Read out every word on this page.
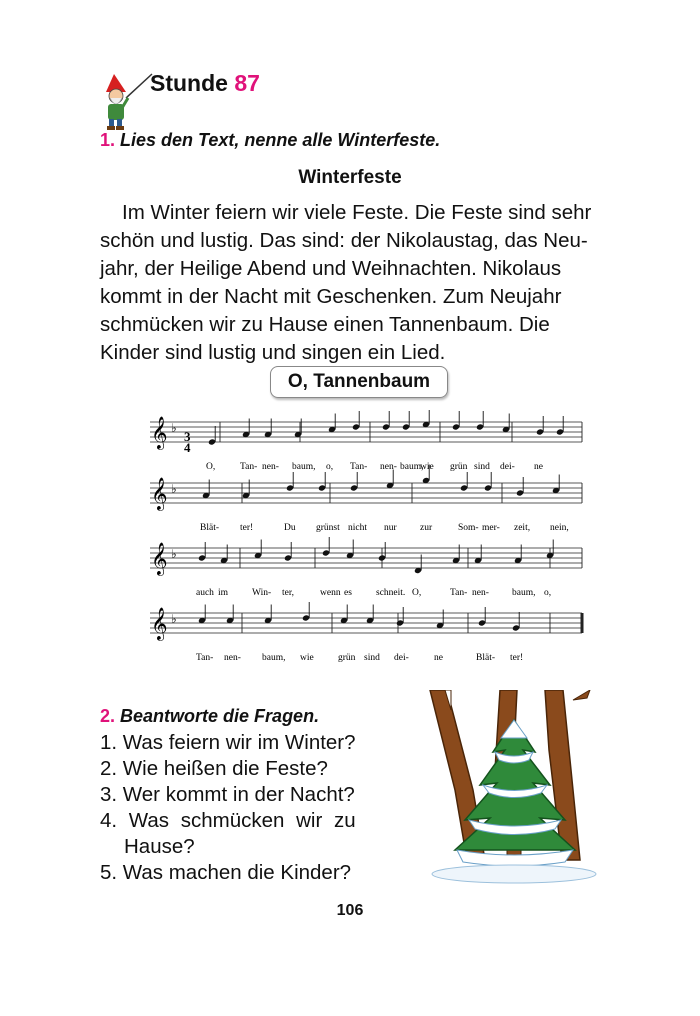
Stunde 87
1. Lies den Text, nenne alle Winterfeste.
Winterfeste
Im Winter feiern wir viele Feste. Die Feste sind sehr
schön und lustig. Das sind: der Nikolaustag, das Neu-
jahr, der Heilige Abend und Weihnachten. Nikolaus
kommt in der Nacht mit Geschenken. Zum Neujahr
schmücken wir zu Hause einen Tannenbaum. Die
Kinder sind lustig und singen ein Lied.
O, Tannenbaum
3
4
𝄞 ♭
O,	Tan- nen- baum, o, Tan- nen- baum,
wie grün sind dei- ne
𝄞 ♭
Blät- ter!	Du grünst nicht nur zur	Som- mer- zeit, nein,
𝄞 ♭
auch im	Win- ter,	wenn es	schneit. O,	Tan- nen- baum, o,
𝄞 ♭
Tan- nen- baum, wie	grün sind dei-	ne	Blät- ter!
2. Beantworte die Fragen.
1. Was feiern wir im Winter?
2. Wie heißen die Feste?
3. Wer kommt in der Nacht?
4. Was schmücken wir zu
Hause?
5. Was machen die Kinder?
106
